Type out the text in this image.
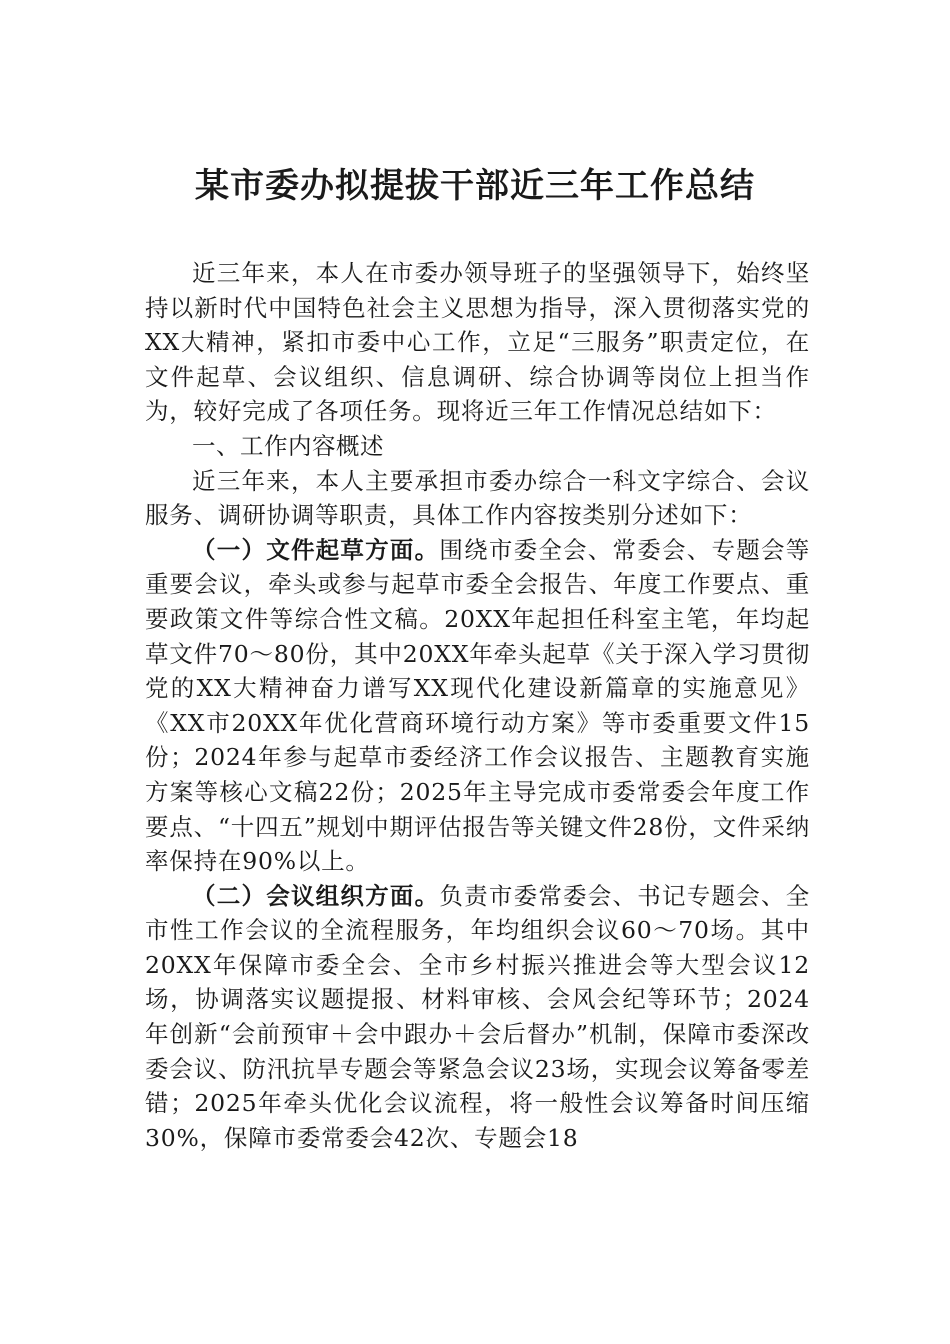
某市委办拟提拔干部近三年工作总结

近三年来，本人在市委办领导班子的坚强领导下，始终坚持以新时代中国特色社会主义思想为指导，深入贯彻落实党的XX大精神，紧扣市委中心工作，立足“三服务”职责定位，在文件起草、会议组织、信息调研、综合协调等岗位上担当作为，较好完成了各项任务。现将近三年工作情况总结如下：

一、工作内容概述

近三年来，本人主要承担市委办综合一科文字综合、会议服务、调研协调等职责，具体工作内容按类别分述如下：

（一）文件起草方面。围绕市委全会、常委会、专题会等重要会议，牵头或参与起草市委全会报告、年度工作要点、重要政策文件等综合性文稿。20XX年起担任科室主笔，年均起草文件70～80份，其中20XX年牵头起草《关于深入学习贯彻党的XX大精神奋力谱写XX现代化建设新篇章的实施意见》《XX市20XX年优化营商环境行动方案》等市委重要文件15份；2024年参与起草市委经济工作会议报告、主题教育实施方案等核心文稿22份；2025年主导完成市委常委会年度工作要点、“十四五”规划中期评估报告等关键文件28份，文件采纳率保持在90%以上。

（二）会议组织方面。负责市委常委会、书记专题会、全市性工作会议的全流程服务，年均组织会议60～70场。其中20XX年保障市委全会、全市乡村振兴推进会等大型会议12场，协调落实议题提报、材料审核、会风会纪等环节；2024年创新“会前预审＋会中跟办＋会后督办”机制，保障市委深改委会议、防汛抗旱专题会等紧急会议23场，实现会议筹备零差错；2025年牵头优化会议流程，将一般性会议筹备时间压缩30%，保障市委常委会42次、专题会18
